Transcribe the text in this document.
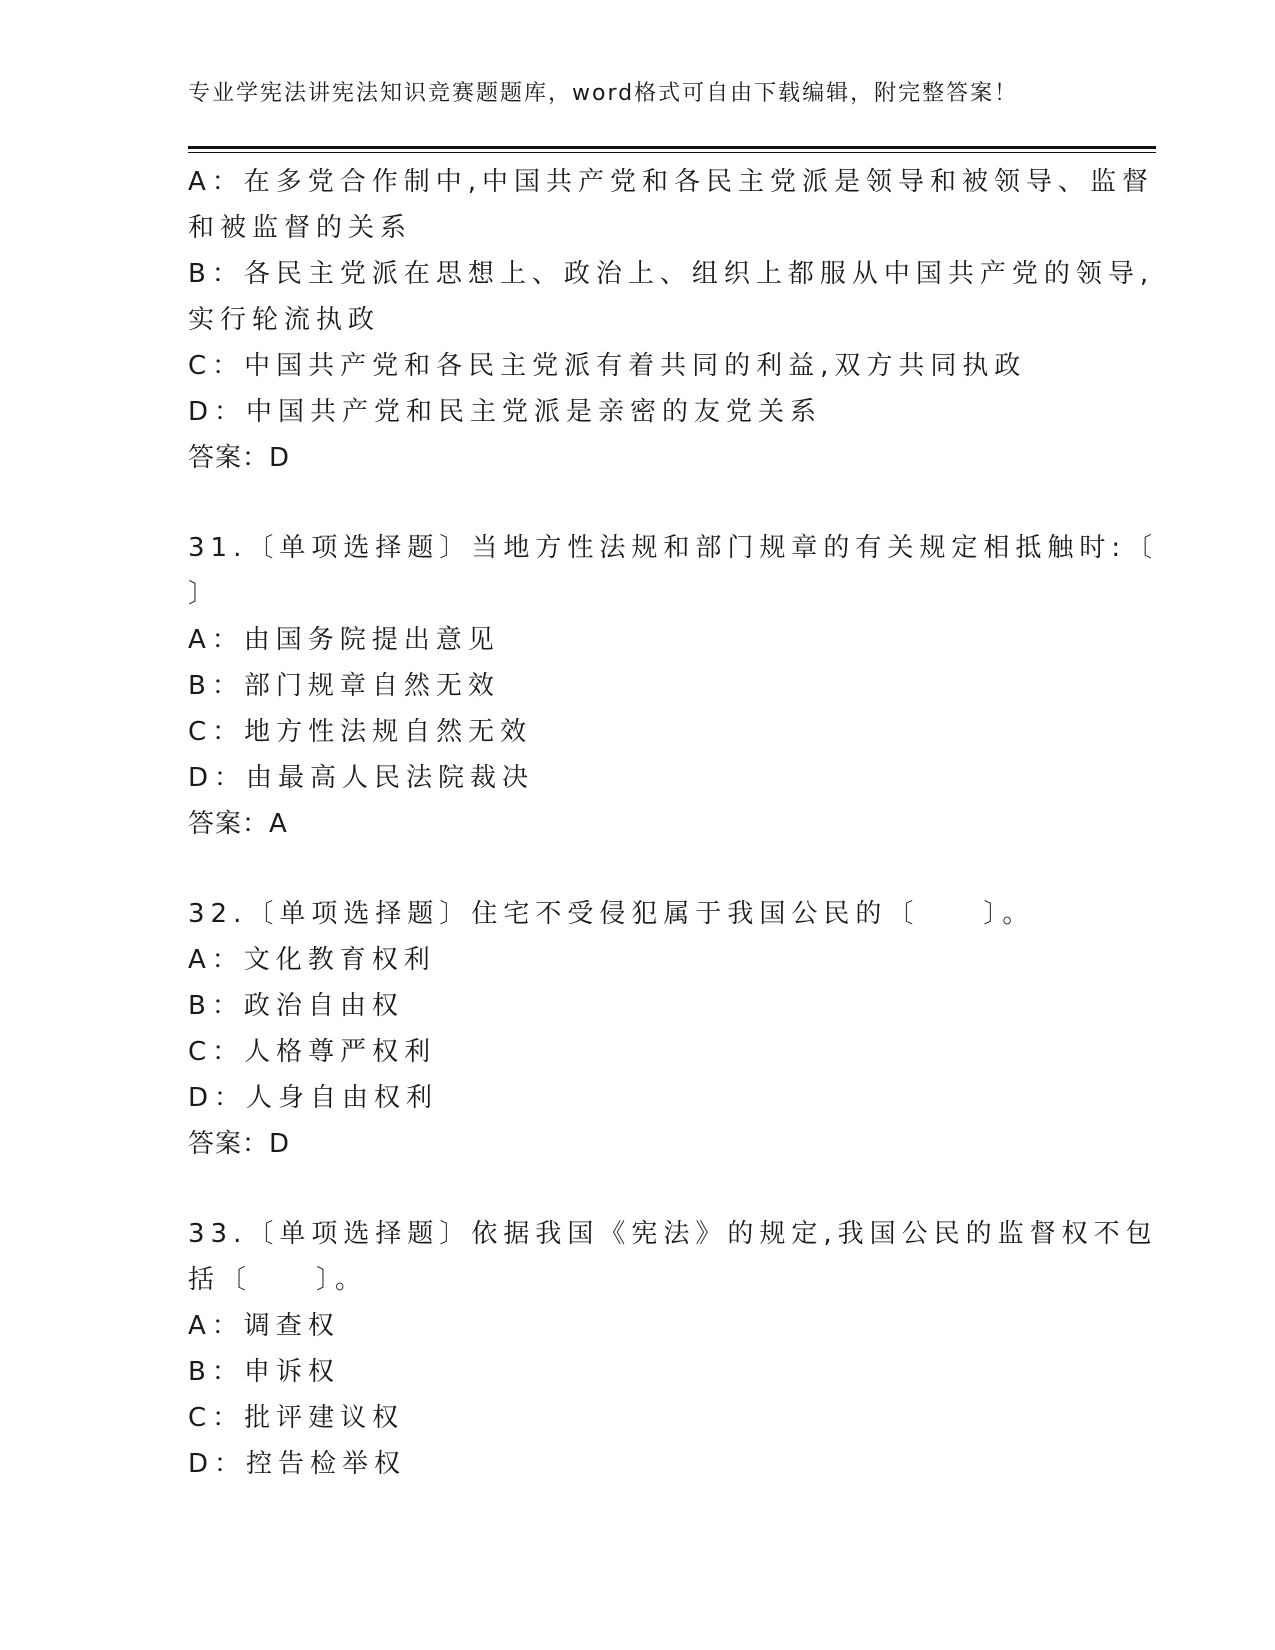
专业学宪法讲宪法知识竞赛题题库，word格式可自由下载编辑，附完整答案！
A：在多党合作制中,中国共产党和各民主党派是领导和被领导、监督
和被监督的关系
B：各民主党派在思想上、政治上、组织上都服从中国共产党的领导,
实行轮流执政
C：中国共产党和各民主党派有着共同的利益,双方共同执政
D：中国共产党和民主党派是亲密的友党关系
答案：D
31.〔单项选择题〕当地方性法规和部门规章的有关规定相抵触时:〔
〕
A：由国务院提出意见
B：部门规章自然无效
C：地方性法规自然无效
D：由最高人民法院裁决
答案：A
32.〔单项选择题〕住宅不受侵犯属于我国公民的〔　　〕。
A：文化教育权利
B：政治自由权
C：人格尊严权利
D：人身自由权利
答案：D
33.〔单项选择题〕依据我国《宪法》的规定,我国公民的监督权不包
括〔　　〕。
A：调查权
B：申诉权
C：批评建议权
D：控告检举权
